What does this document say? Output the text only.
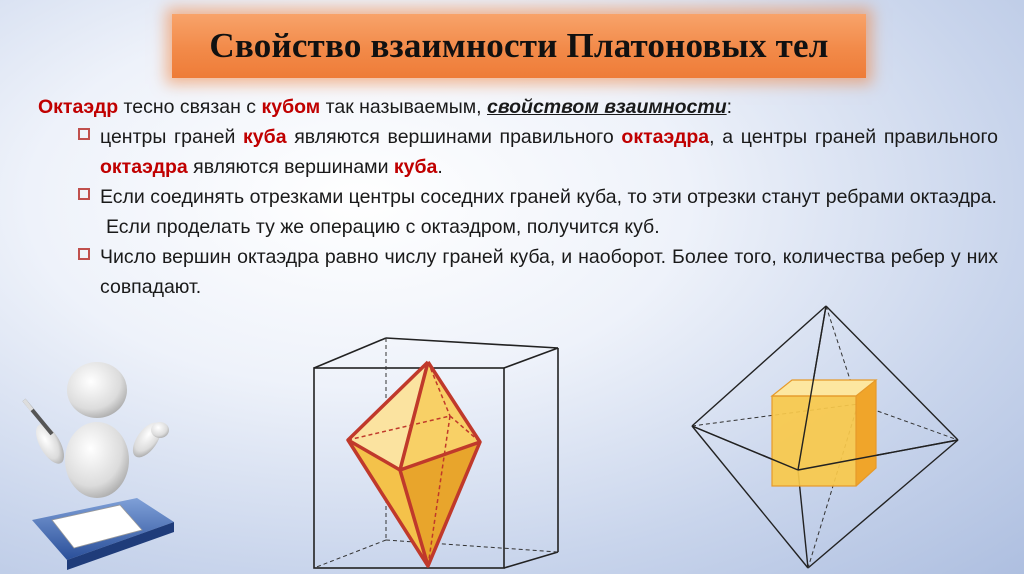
Свойство взаимности Платоновых тел
Октаэдр тесно связан с кубом так называемым, свойством взаимности:
центры граней куба являются вершинами правильного октаэдра, а центры граней правильного октаэдра являются вершинами куба.
Если соединять отрезками центры соседних граней куба, то эти отрезки станут ребрами октаэдра.
Если проделать ту же операцию с октаэдром, получится куб.
Число вершин октаэдра равно числу граней куба, и наоборот. Более того, количества ребер у них совпадают.
